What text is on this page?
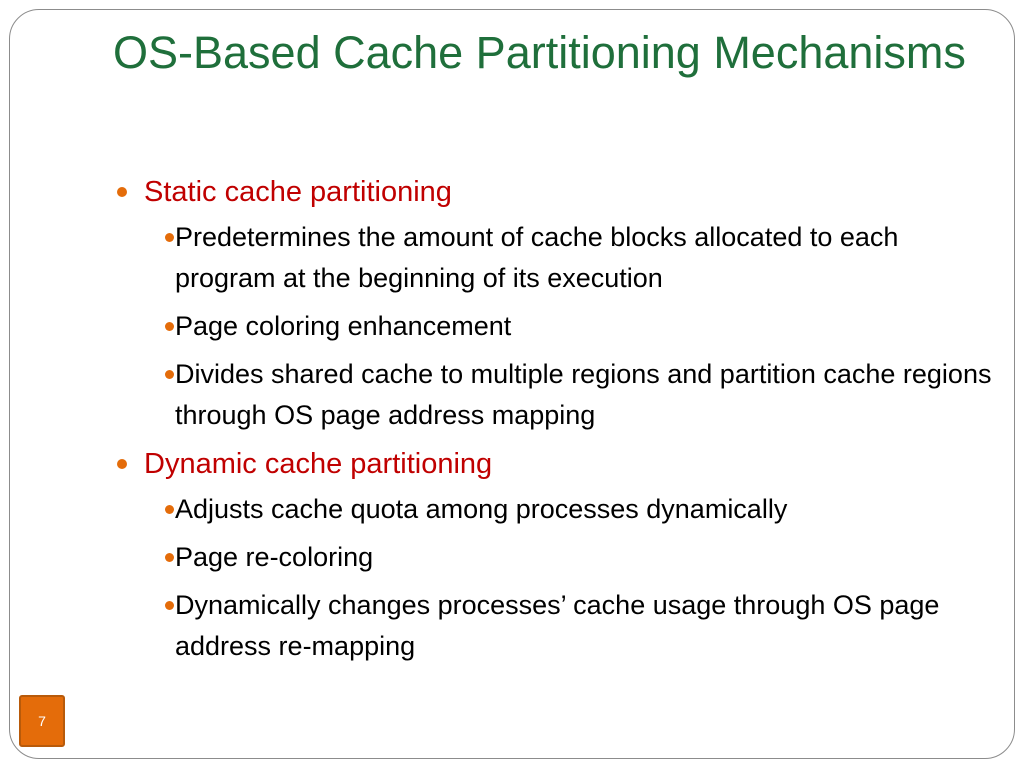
OS-Based Cache Partitioning Mechanisms
Static cache partitioning
Predetermines the amount of cache blocks allocated to each program at the beginning of its execution
Page coloring enhancement
Divides shared cache to multiple regions and partition cache regions through OS page address mapping
Dynamic cache partitioning
Adjusts cache quota among processes dynamically
Page re-coloring
Dynamically changes processes’ cache usage through OS page address re-mapping
7
